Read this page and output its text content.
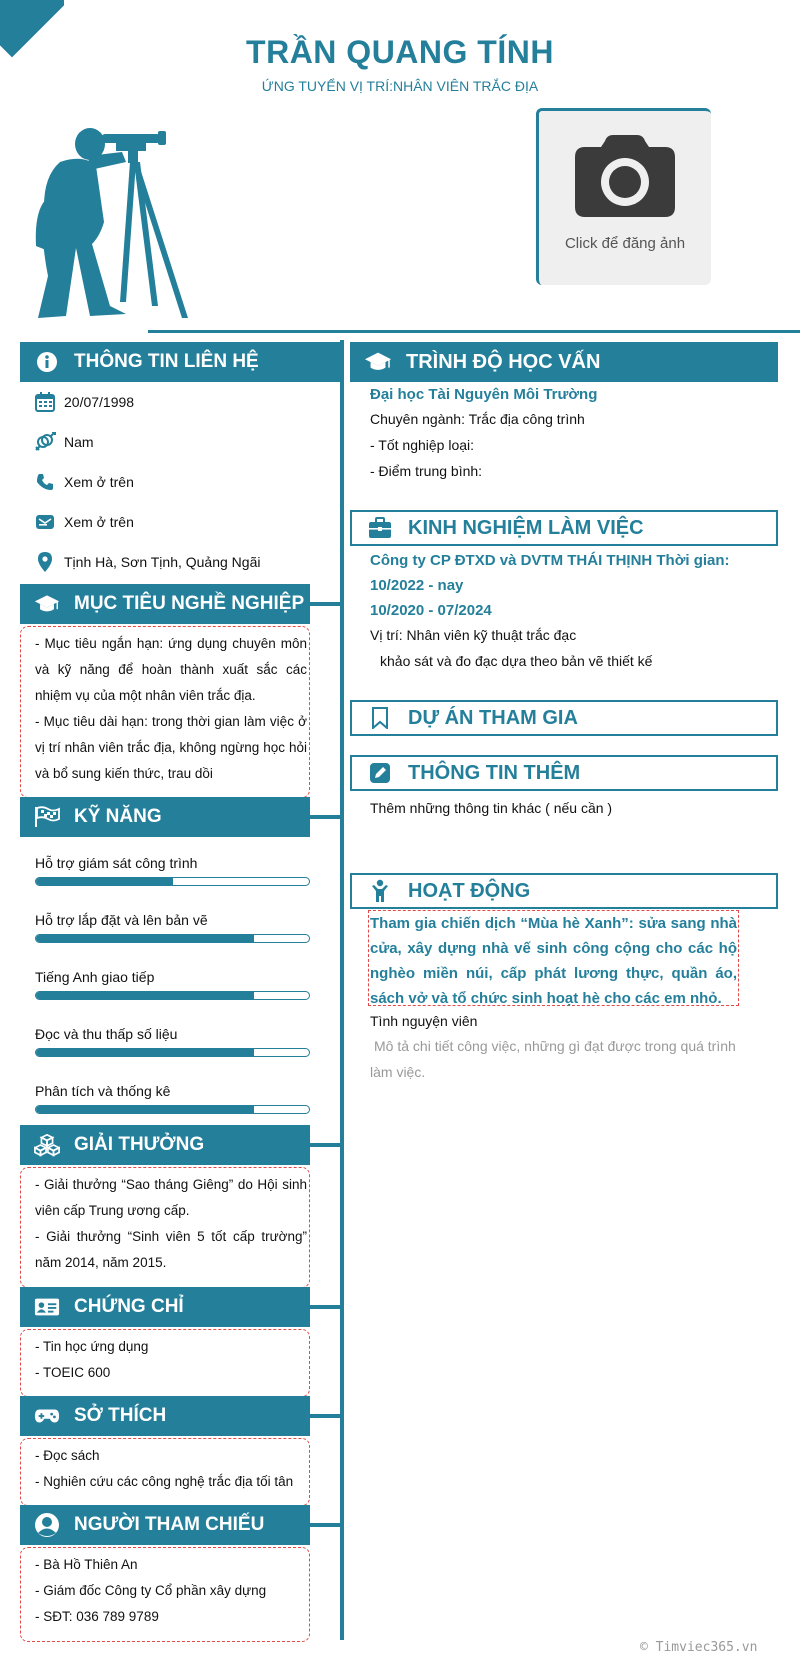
TRẦN QUANG TÍNH
ỨNG TUYỂN VỊ TRÍ:NHÂN VIÊN TRẮC ĐỊA
Click để đăng ảnh
THÔNG TIN LIÊN HỆ
20/07/1998
Nam
Xem ở trên
Xem ở trên
Tịnh Hà, Sơn Tịnh, Quảng Ngãi
MỤC TIÊU NGHỀ NGHIỆP
- Mục tiêu ngắn hạn: ứng dụng chuyên môn và kỹ năng để hoàn thành xuất sắc các nhiệm vụ của một nhân viên trắc địa.
- Mục tiêu dài hạn: trong thời gian làm việc ở vị trí nhân viên trắc địa, không ngừng học hỏi và bổ sung kiến thức, trau dồi
KỸ NĂNG
Hỗ trợ giám sát công trình
Hỗ trợ lắp đặt và lên bản vẽ
Tiếng Anh giao tiếp
Đọc và thu thấp số liệu
Phân tích và thống kê
GIẢI THƯỞNG
- Giải thưởng “Sao tháng Giêng” do Hội sinh viên cấp Trung ương cấp.
- Giải thưởng “Sinh viên 5 tốt cấp trường” năm 2014, năm 2015.
CHỨNG CHỈ
- Tin học ứng dụng
- TOEIC 600
SỞ THÍCH
- Đọc sách
- Nghiên cứu các công nghệ trắc địa tối tân
NGƯỜI THAM CHIẾU
- Bà Hồ Thiên An
- Giám đốc Công ty Cổ phần xây dựng
- SĐT: 036 789 9789
TRÌNH ĐỘ HỌC VẤN
Đại học Tài Nguyên Môi Trường
Chuyên ngành: Trắc địa công trình
- Tốt nghiệp loại:
- Điểm trung bình:
KINH NGHIỆM LÀM VIỆC
Công ty CP ĐTXD và DVTM THÁI THỊNH Thời gian:
10/2022 - nay
10/2020 - 07/2024
Vị trí: Nhân viên kỹ thuật trắc đạc
khảo sát và đo đạc dựa theo bản vẽ thiết kế
DỰ ÁN THAM GIA
THÔNG TIN THÊM
Thêm những thông tin khác ( nếu cần )
HOẠT ĐỘNG
Tham gia chiến dịch “Mùa hè Xanh”: sửa sang nhà cửa, xây dựng nhà vế sinh công cộng cho các hộ nghèo miền núi, cấp phát lương thực, quần áo, sách vở và tổ chức sinh hoạt hè cho các em nhỏ.
Tình nguyện viên
Mô tả chi tiết công việc, những gì đạt được trong quá trình làm việc.
© Timviec365.vn
